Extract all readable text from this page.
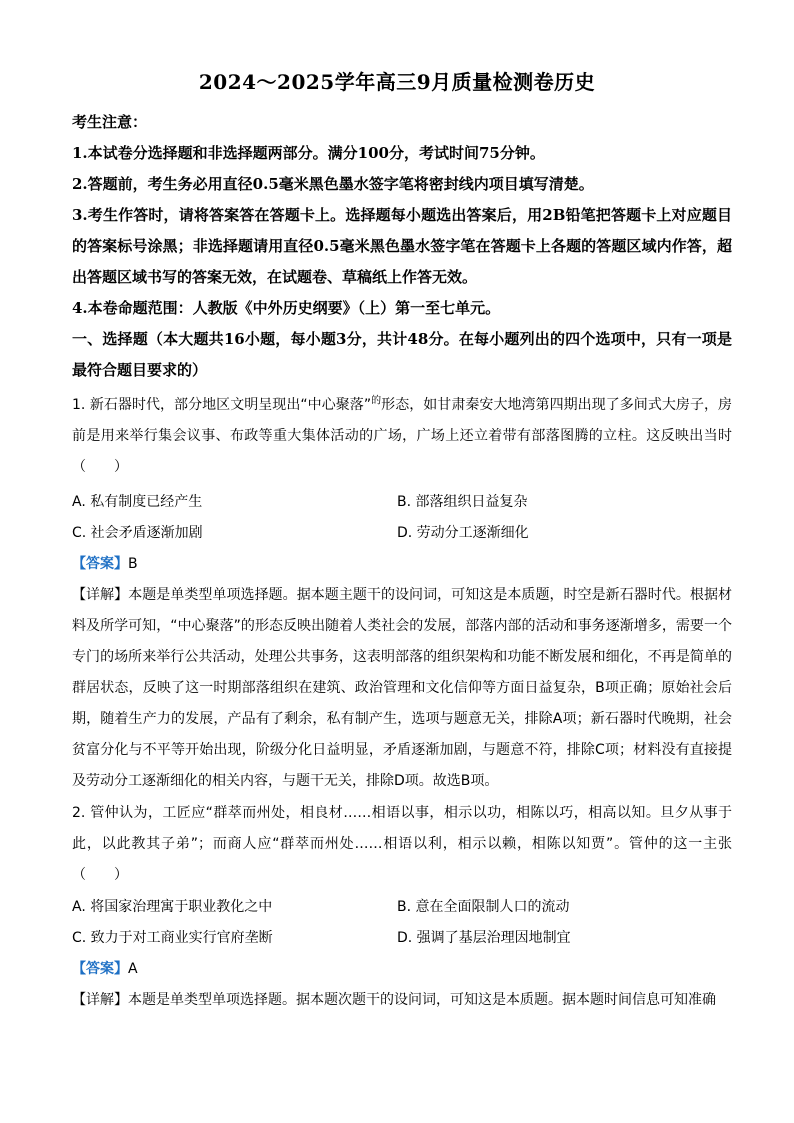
2024～2025学年高三9月质量检测卷历史

考生注意：

1.本试卷分选择题和非选择题两部分。满分100分，考试时间75分钟。

2.答题前，考生务必用直径0.5毫米黑色墨水签字笔将密封线内项目填写清楚。

3.考生作答时，请将答案答在答题卡上。选择题每小题选出答案后，用2B铅笔把答题卡上对应题目的答案标号涂黑；非选择题请用直径0.5毫米黑色墨水签字笔在答题卡上各题的答题区域内作答，超出答题区域书写的答案无效，在试题卷、草稿纸上作答无效。

4.本卷命题范围：人教版《中外历史纲要》（上）第一至七单元。

一、选择题（本大题共16小题，每小题3分，共计48分。在每小题列出的四个选项中，只有一项是最符合题目要求的）

1. 新石器时代，部分地区文明呈现出“中心聚落”$^的$形态，如甘肃秦安大地湾第四期出现了多间式大房子，房前是用来举行集会议事、布政等重大集体活动的广场，广场上还立着带有部落图腾的立柱。这反映出当时（　　）
A. 私有制度已经产生	B. 部落组织日益复杂
C. 社会矛盾逐渐加剧	D. 劳动分工逐渐细化
【答案】B
【详解】本题是单类型单项选择题。据本题主题干的设问词，可知这是本质题，时空是新石器时代。根据材料及所学可知，“中心聚落”的形态反映出随着人类社会的发展，部落内部的活动和事务逐渐增多，需要一个专门的场所来举行公共活动，处理公共事务，这表明部落的组织架构和功能不断发展和细化，不再是简单的群居状态，反映了这一时期部落组织在建筑、政治管理和文化信仰等方面日益复杂，B项正确；原始社会后期，随着生产力的发展，产品有了剩余，私有制产生，选项与题意无关，排除A项；新石器时代晚期，社会贫富分化与不平等开始出现，阶级分化日益明显，矛盾逐渐加剧，与题意不符，排除C项；材料没有直接提及劳动分工逐渐细化的相关内容，与题干无关，排除D项。故选B项。
2. 管仲认为，工匠应“群萃而州处，相良材……相语以事，相示以功，相陈以巧，相高以知。旦夕从事于此，以此教其子弟”；而商人应“群萃而州处……相语以利，相示以赖，相陈以知贾”。管仲的这一主张（　　）
A. 将国家治理寓于职业教化之中	B. 意在全面限制人口的流动
C. 致力于对工商业实行官府垄断	D. 强调了基层治理因地制宜
【答案】A
【详解】本题是单类型单项选择题。据本题次题干的设问词，可知这是本质题。据本题时间信息可知准确
